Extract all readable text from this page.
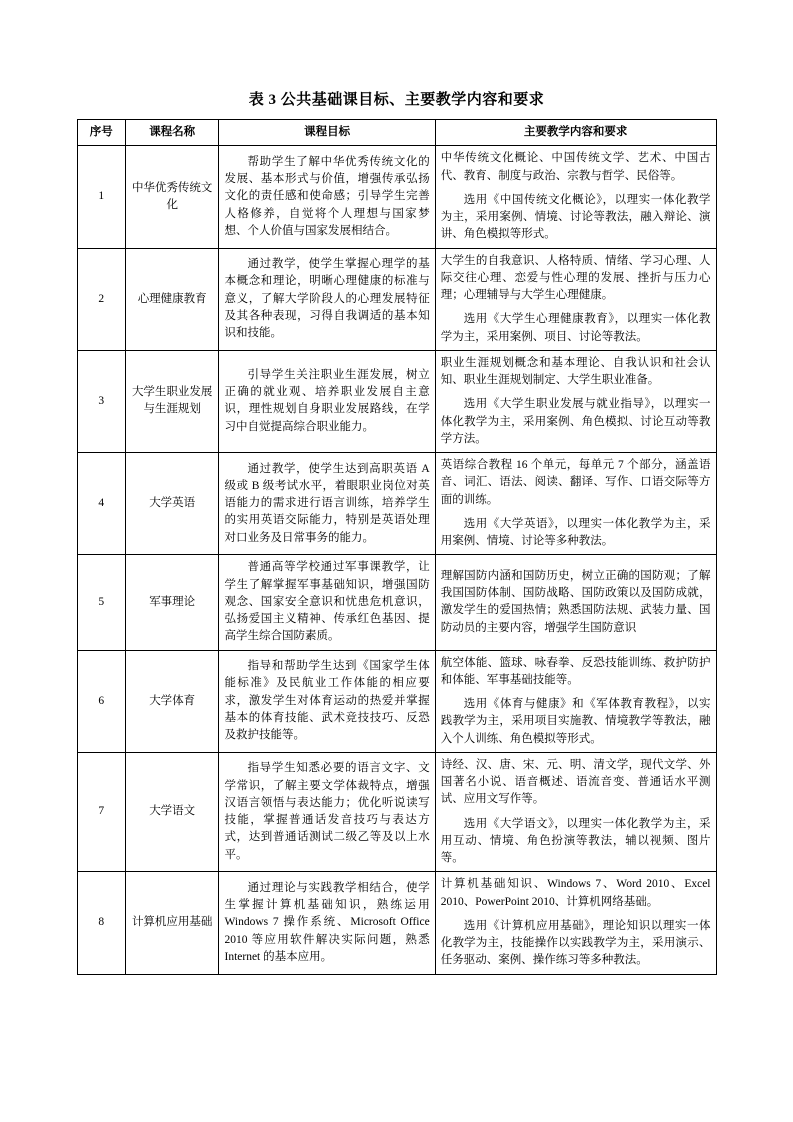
表 3 公共基础课目标、主要教学内容和要求
序号	课程名称	课程目标	主要教学内容和要求
1	中华优秀传统文化	帮助学生了解中华优秀传统文化的发展、基本形式与价值，增强传承弘扬文化的责任感和使命感；引导学生完善人格修养，自觉将个人理想与国家梦想、个人价值与国家发展相结合。	中华传统文化概论、中国传统文学、艺术、中国古代、教育、制度与政治、宗教与哲学、民俗等。

选用《中国传统文化概论》，以理实一体化教学为主，采用案例、情境、讨论等教法，融入辩论、演讲、角色模拟等形式。

2	心理健康教育	通过教学，使学生掌握心理学的基本概念和理论，明晰心理健康的标准与意义，了解大学阶段人的心理发展特征及其各种表现，习得自我调适的基本知识和技能。	大学生的自我意识、人格特质、情绪、学习心理、人际交往心理、恋爱与性心理的发展、挫折与压力心理；心理辅导与大学生心理健康。

选用《大学生心理健康教育》，以理实一体化教学为主，采用案例、项目、讨论等教法。

3	大学生职业发展与生涯规划	引导学生关注职业生涯发展，树立正确的就业观、培养职业发展自主意识，理性规划自身职业发展路线，在学习中自觉提高综合职业能力。	职业生涯规划概念和基本理论、自我认识和社会认知、职业生涯规划制定、大学生职业准备。

选用《大学生职业发展与就业指导》，以理实一体化教学为主，采用案例、角色模拟、讨论互动等教学方法。

4	大学英语	通过教学，使学生达到高职英语 A 级或 B 级考试水平，着眼职业岗位对英语能力的需求进行语言训练，培养学生的实用英语交际能力，特别是英语处理对口业务及日常事务的能力。	英语综合教程 16 个单元，每单元 7 个部分，涵盖语音、词汇、语法、阅读、翻译、写作、口语交际等方面的训练。

选用《大学英语》，以理实一体化教学为主，采用案例、情境、讨论等多种教法。

5	军事理论	普通高等学校通过军事课教学，让学生了解掌握军事基础知识，增强国防观念、国家安全意识和忧患危机意识，弘扬爱国主义精神、传承红色基因、提高学生综合国防素质。	理解国防内涵和国防历史，树立正确的国防观；了解我国国防体制、国防战略、国防政策以及国防成就，激发学生的爱国热情；熟悉国防法规、武装力量、国防动员的主要内容，增强学生国防意识

6	大学体育	指导和帮助学生达到《国家学生体能标准》及民航业工作体能的相应要求，激发学生对体育运动的热爱并掌握基本的体育技能、武术竞技技巧、反恐及救护技能等。	航空体能、篮球、咏春拳、反恐技能训练、救护防护和体能、军事基础技能等。

选用《体育与健康》和《军体教育教程》，以实践教学为主，采用项目实施教、情境教学等教法，融入个人训练、角色模拟等形式。

7	大学语文	指导学生知悉必要的语言文字、文学常识，了解主要文学体裁特点，增强汉语言领悟与表达能力；优化听说读写技能，掌握普通话发音技巧与表达方式，达到普通话测试二级乙等及以上水平。	诗经、汉、唐、宋、元、明、清文学，现代文学、外国著名小说、语音概述、语流音变、普通话水平测试、应用文写作等。

选用《大学语文》，以理实一体化教学为主，采用互动、情境、角色扮演等教法，辅以视频、图片等。

8	计算机应用基础	通过理论与实践教学相结合，使学生掌握计算机基础知识，熟练运用 Windows 7 操作系统、Microsoft Office 2010 等应用软件解决实际问题，熟悉 Internet 的基本应用。	计算机基础知识、Windows 7、Word 2010、Excel 2010、PowerPoint 2010、计算机网络基础。

选用《计算机应用基础》，理论知识以理实一体化教学为主，技能操作以实践教学为主，采用演示、任务驱动、案例、操作练习等多种教法。
